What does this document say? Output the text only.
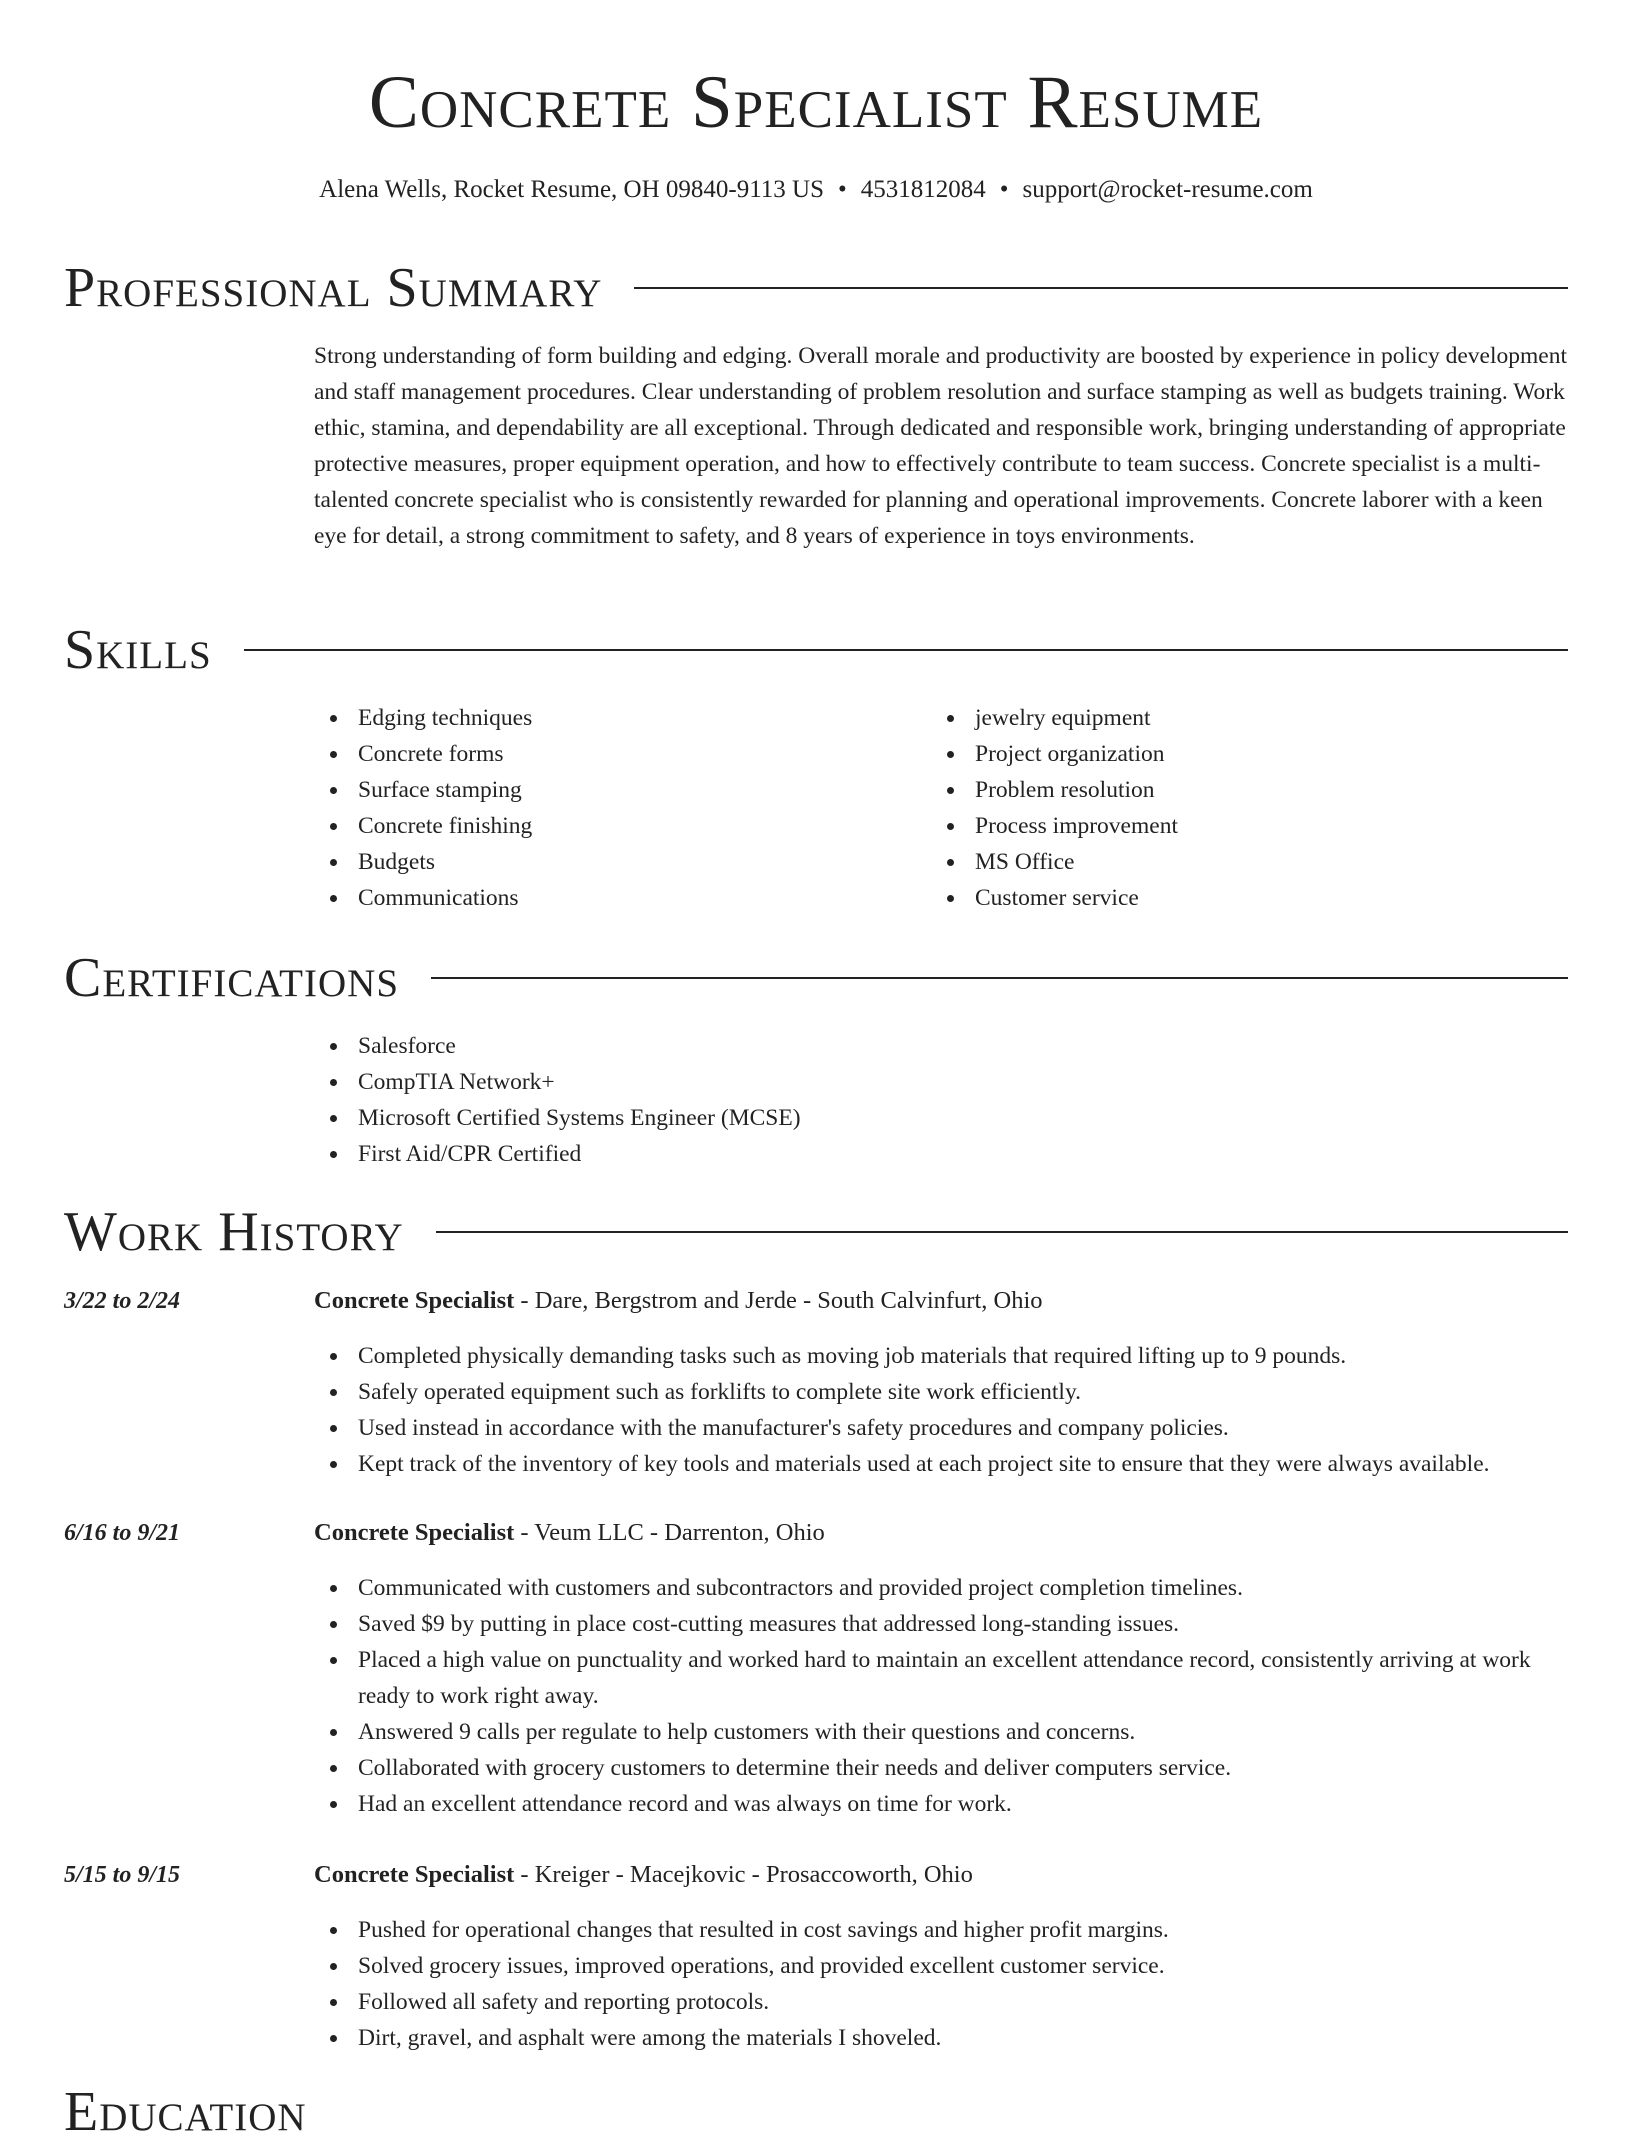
Concrete Specialist Resume
Alena Wells, Rocket Resume, OH 09840-9113 US • 4531812084 • support@rocket-resume.com
Professional Summary

Strong understanding of form building and edging. Overall morale and productivity are boosted by experience in policy development and staff management procedures. Clear understanding of problem resolution and surface stamping as well as budgets training. Work ethic, stamina, and dependability are all exceptional. Through dedicated and responsible work, bringing understanding of appropriate protective measures, proper equipment operation, and how to effectively contribute to team success. Concrete specialist is a multi-talented concrete specialist who is consistently rewarded for planning and operational improvements. Concrete laborer with a keen eye for detail, a strong commitment to safety, and 8 years of experience in toys environments.

Skills
Edging techniques
Concrete forms
Surface stamping
Concrete finishing
Budgets
Communications
jewelry equipment
Project organization
Problem resolution
Process improvement
MS Office
Customer service
Certifications
Salesforce
CompTIA Network+
Microsoft Certified Systems Engineer (MCSE)
First Aid/CPR Certified
Work History
3/22 to 2/24	Concrete Specialist - Dare, Bergstrom and Jerde - South Calvinfurt, Ohio
Completed physically demanding tasks such as moving job materials that required lifting up to 9 pounds.
Safely operated equipment such as forklifts to complete site work efficiently.
Used instead in accordance with the manufacturer's safety procedures and company policies.
Kept track of the inventory of key tools and materials used at each project site to ensure that they were always available.
6/16 to 9/21	Concrete Specialist - Veum LLC - Darrenton, Ohio
Communicated with customers and subcontractors and provided project completion timelines.
Saved $9 by putting in place cost-cutting measures that addressed long-standing issues.
Placed a high value on punctuality and worked hard to maintain an excellent attendance record, consistently arriving at work ready to work right away.
Answered 9 calls per regulate to help customers with their questions and concerns.
Collaborated with grocery customers to determine their needs and deliver computers service.
Had an excellent attendance record and was always on time for work.
5/15 to 9/15	Concrete Specialist - Kreiger - Macejkovic - Prosaccoworth, Ohio
Pushed for operational changes that resulted in cost savings and higher profit margins.
Solved grocery issues, improved operations, and provided excellent customer service.
Followed all safety and reporting protocols.
Dirt, gravel, and asphalt were among the materials I shoveled.
Education
